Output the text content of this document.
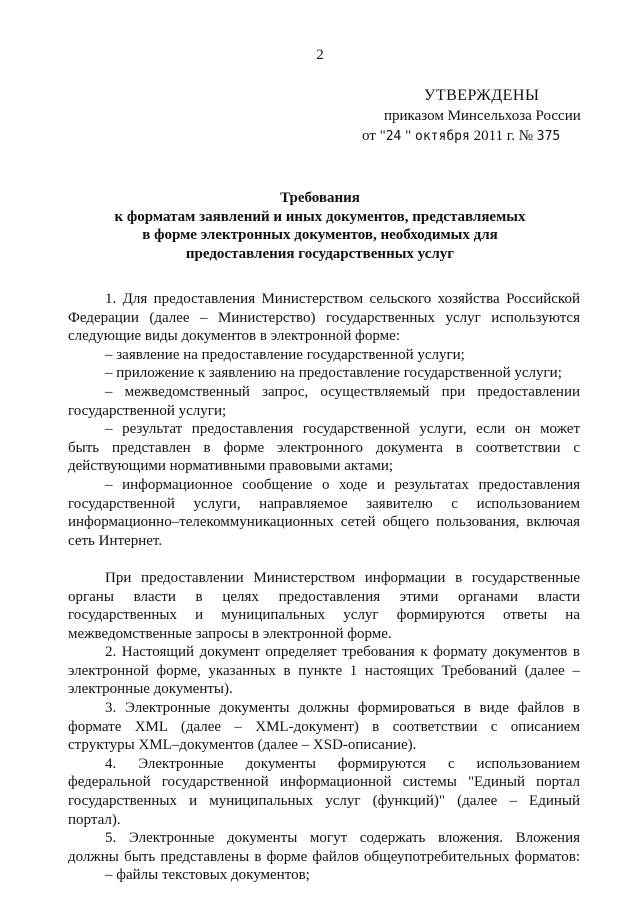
2
УТВЕРЖДЕНЫ
приказом Минсельхоза России
от "24 " октября 2011 г. № 375
Требования
к форматам заявлений и иных документов, представляемых
в форме электронных документов, необходимых для
предоставления государственных услуг
1. Для предоставления Министерством сельского хозяйства Российской
Федерации (далее – Министерство) государственных услуг используются
следующие виды документов в электронной форме:
– заявление на предоставление государственной услуги;
– приложение к заявлению на предоставление государственной услуги;
– межведомственный запрос, осуществляемый при предоставлении
государственной услуги;
– результат предоставления государственной услуги, если он может
быть представлен в форме электронного документа в соответствии с
действующими нормативными правовыми актами;
– информационное сообщение о ходе и результатах предоставления
государственной услуги, направляемое заявителю с использованием
информационно–телекоммуникационных сетей общего пользования, включая
сеть Интернет.
При предоставлении Министерством информации в государственные
органы власти в целях предоставления этими органами власти
государственных и муниципальных услуг формируются ответы на
межведомственные запросы в электронной форме.
2. Настоящий документ определяет требования к формату документов в
электронной форме, указанных в пункте 1 настоящих Требований (далее –
электронные документы).
3. Электронные документы должны формироваться в виде файлов в
формате XML (далее – XML-документ) в соответствии с описанием
структуры XML–документов (далее – XSD-описание).
4. Электронные документы формируются с использованием
федеральной государственной информационной системы "Единый портал
государственных и муниципальных услуг (функций)" (далее – Единый
портал).
5. Электронные документы могут содержать вложения. Вложения
должны быть представлены в форме файлов общеупотребительных форматов:
– файлы текстовых документов;
